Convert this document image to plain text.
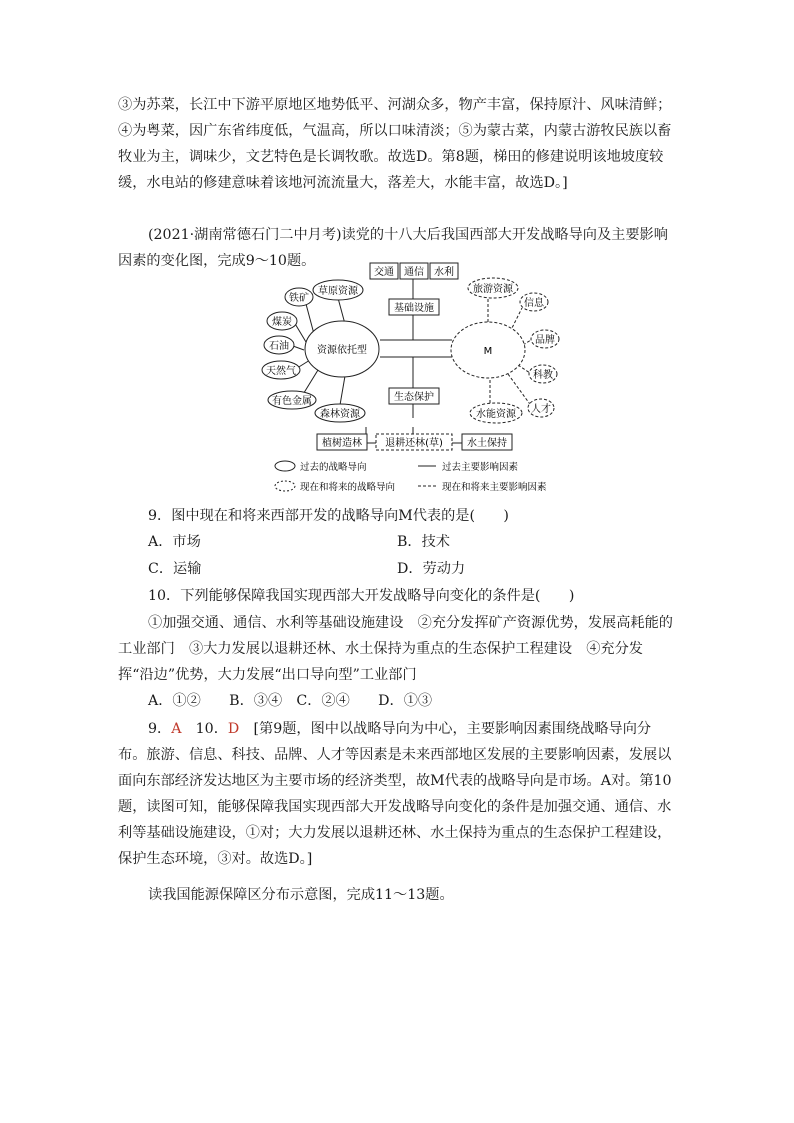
③为苏菜，长江中下游平原地区地势低平、河湖众多，物产丰富，保持原汁、风味清鲜；④为粤菜，因广东省纬度低，气温高，所以口味清淡；⑤为蒙古菜，内蒙古游牧民族以畜牧业为主，调味少，文艺特色是长调牧歌。故选D。第8题，梯田的修建说明该地坡度较缓，水电站的修建意味着该地河流流量大，落差大，水能丰富，故选D。]

(2021·湖南常德石门二中月考)读党的十八大后我国西部大开发战略导向及主要影响因素的变化图，完成9～10题。

交通 通信 水利
基础设施
生态保护
资源依托型	M
铁矿
草原资源
煤炭
石油
天然气
有色金属
森林资源
旅游资源
信息
品牌
科教
人才
水能资源
植树造林 退耕还林(草) 水土保持
过去的战略导向	过去主要影响因素
现在和将来的战略导向	现在和将来主要影响因素
9．图中现在和将来西部开发的战略导向M代表的是(　　)
A．市场	B．技术
C．运输	D．劳动力
10．下列能够保障我国实现西部大开发战略导向变化的条件是(　　)

①加强交通、通信、水利等基础设施建设　②充分发挥矿产资源优势，发展高耗能的工业部门　③大力发展以退耕还林、水土保持为重点的生态保护工程建设　④充分发挥“沿边”优势，大力发展“出口导向型”工业部门

A．①②　　B．③④　C．②④　　D．①③

9．A　10．D　[第9题，图中以战略导向为中心，主要影响因素围绕战略导向分布。旅游、信息、科技、品牌、人才等因素是未来西部地区发展的主要影响因素，发展以面向东部经济发达地区为主要市场的经济类型，故M代表的战略导向是市场。A对。第10题，读图可知，能够保障我国实现西部大开发战略导向变化的条件是加强交通、通信、水利等基础设施建设，①对；大力发展以退耕还林、水土保持为重点的生态保护工程建设，保护生态环境，③对。故选D。]

读我国能源保障区分布示意图，完成11～13题。
